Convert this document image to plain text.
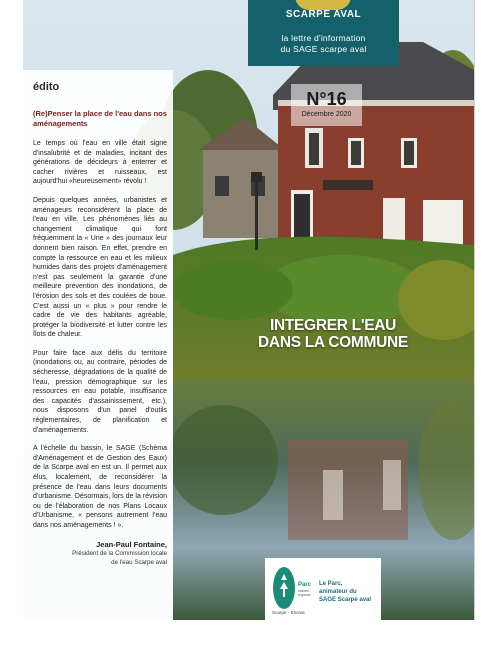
édito
(Re)Penser la place de l'eau dans nos aménagements

Le temps où l'eau en ville était signe d'insalubrité et de maladies, incitant des générations de décideurs à enterrer et cacher rivières et ruisseaux, est aujourd'hui «heureusement» révolu !

Depuis quelques années, urbanistes et aménageurs reconsidèrent la place de l'eau en ville. Les phénomènes liés au changement climatique qui font fréquemment la « Une » des journaux leur donnent bien raison. En effet, prendre en compte la ressource en eau et les milieux humides dans des projets d'aménagement n'est pas seulement la garantie d'une meilleure prévention des inondations, de l'érosion des sols et des coulées de boue. C'est aussi un « plus » pour rendre le cadre de vie des habitants agréable, protéger la biodiversité et lutter contre les îlots de chaleur.

Pour faire face aux défis du territoire (inondations ou, au contraire, périodes de sécheresse, dégradations de la qualité de l'eau, pression démographique sur les ressources en eau potable, insuffisance des capacités d'assainissement, etc.), nous disposons d'un panel d'outils réglementaires, de planification et d'aménagements.

A l'échelle du bassin, le SAGE (Schéma d'Aménagement et de Gestion des Eaux) de la Scarpe aval en est un. Il permet aux élus, localement, de reconsidérer la présence de l'eau dans leurs documents d'urbanisme. Désormais, lors de la révision ou de l'élaboration de nos Plans Locaux d'Urbanisme, « pensons autrement l'eau dans nos aménagements ! ».

Jean-Paul Fontaine,
Président de la Commission locale
de l'eau Scarpe aval
SCARPE AVAL
la lettre d'information
du SAGE scarpe aval
N°16
Décembre 2020
INTEGRER L'EAU
DANS LA COMMUNE
Parc
naturel
régional
Scarpe - Escaut
Le Parc,
animateur du
SAGE Scarpe aval
